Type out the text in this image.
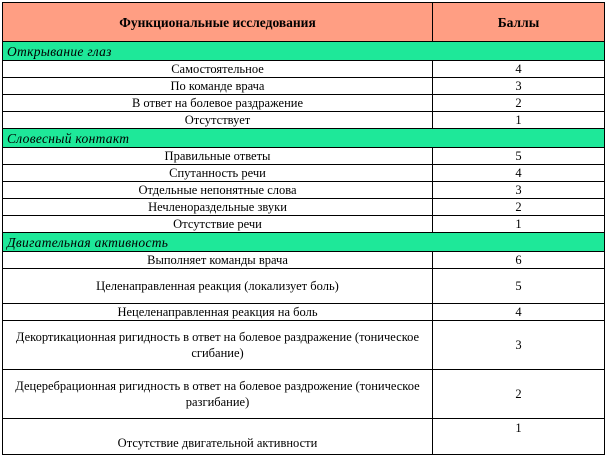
Функциональные исследования	Баллы
Открывание глаз	
Самостоятельное	4
По команде врача	3
В ответ на болевое раздражение	2
Отсутствует	1
Словесный контакт	
Правильные ответы	5
Спутанность речи	4
Отдельные непонятные слова	3
Нечленораздельные звуки	2
Отсутствие речи	1
Двигательная активность	
Выполняет команды врача	6
Целенаправленная реакция (локализует боль)	5
Нецеленаправленная реакция на боль	4
Декортикационная ригидность в ответ на болевое раздражение (тоническое сгибание)	3
Децеребрационная ригидность в ответ на болевое раздрожение (тоническое разгибание)	2
Отсутствие двигательной активности	1
